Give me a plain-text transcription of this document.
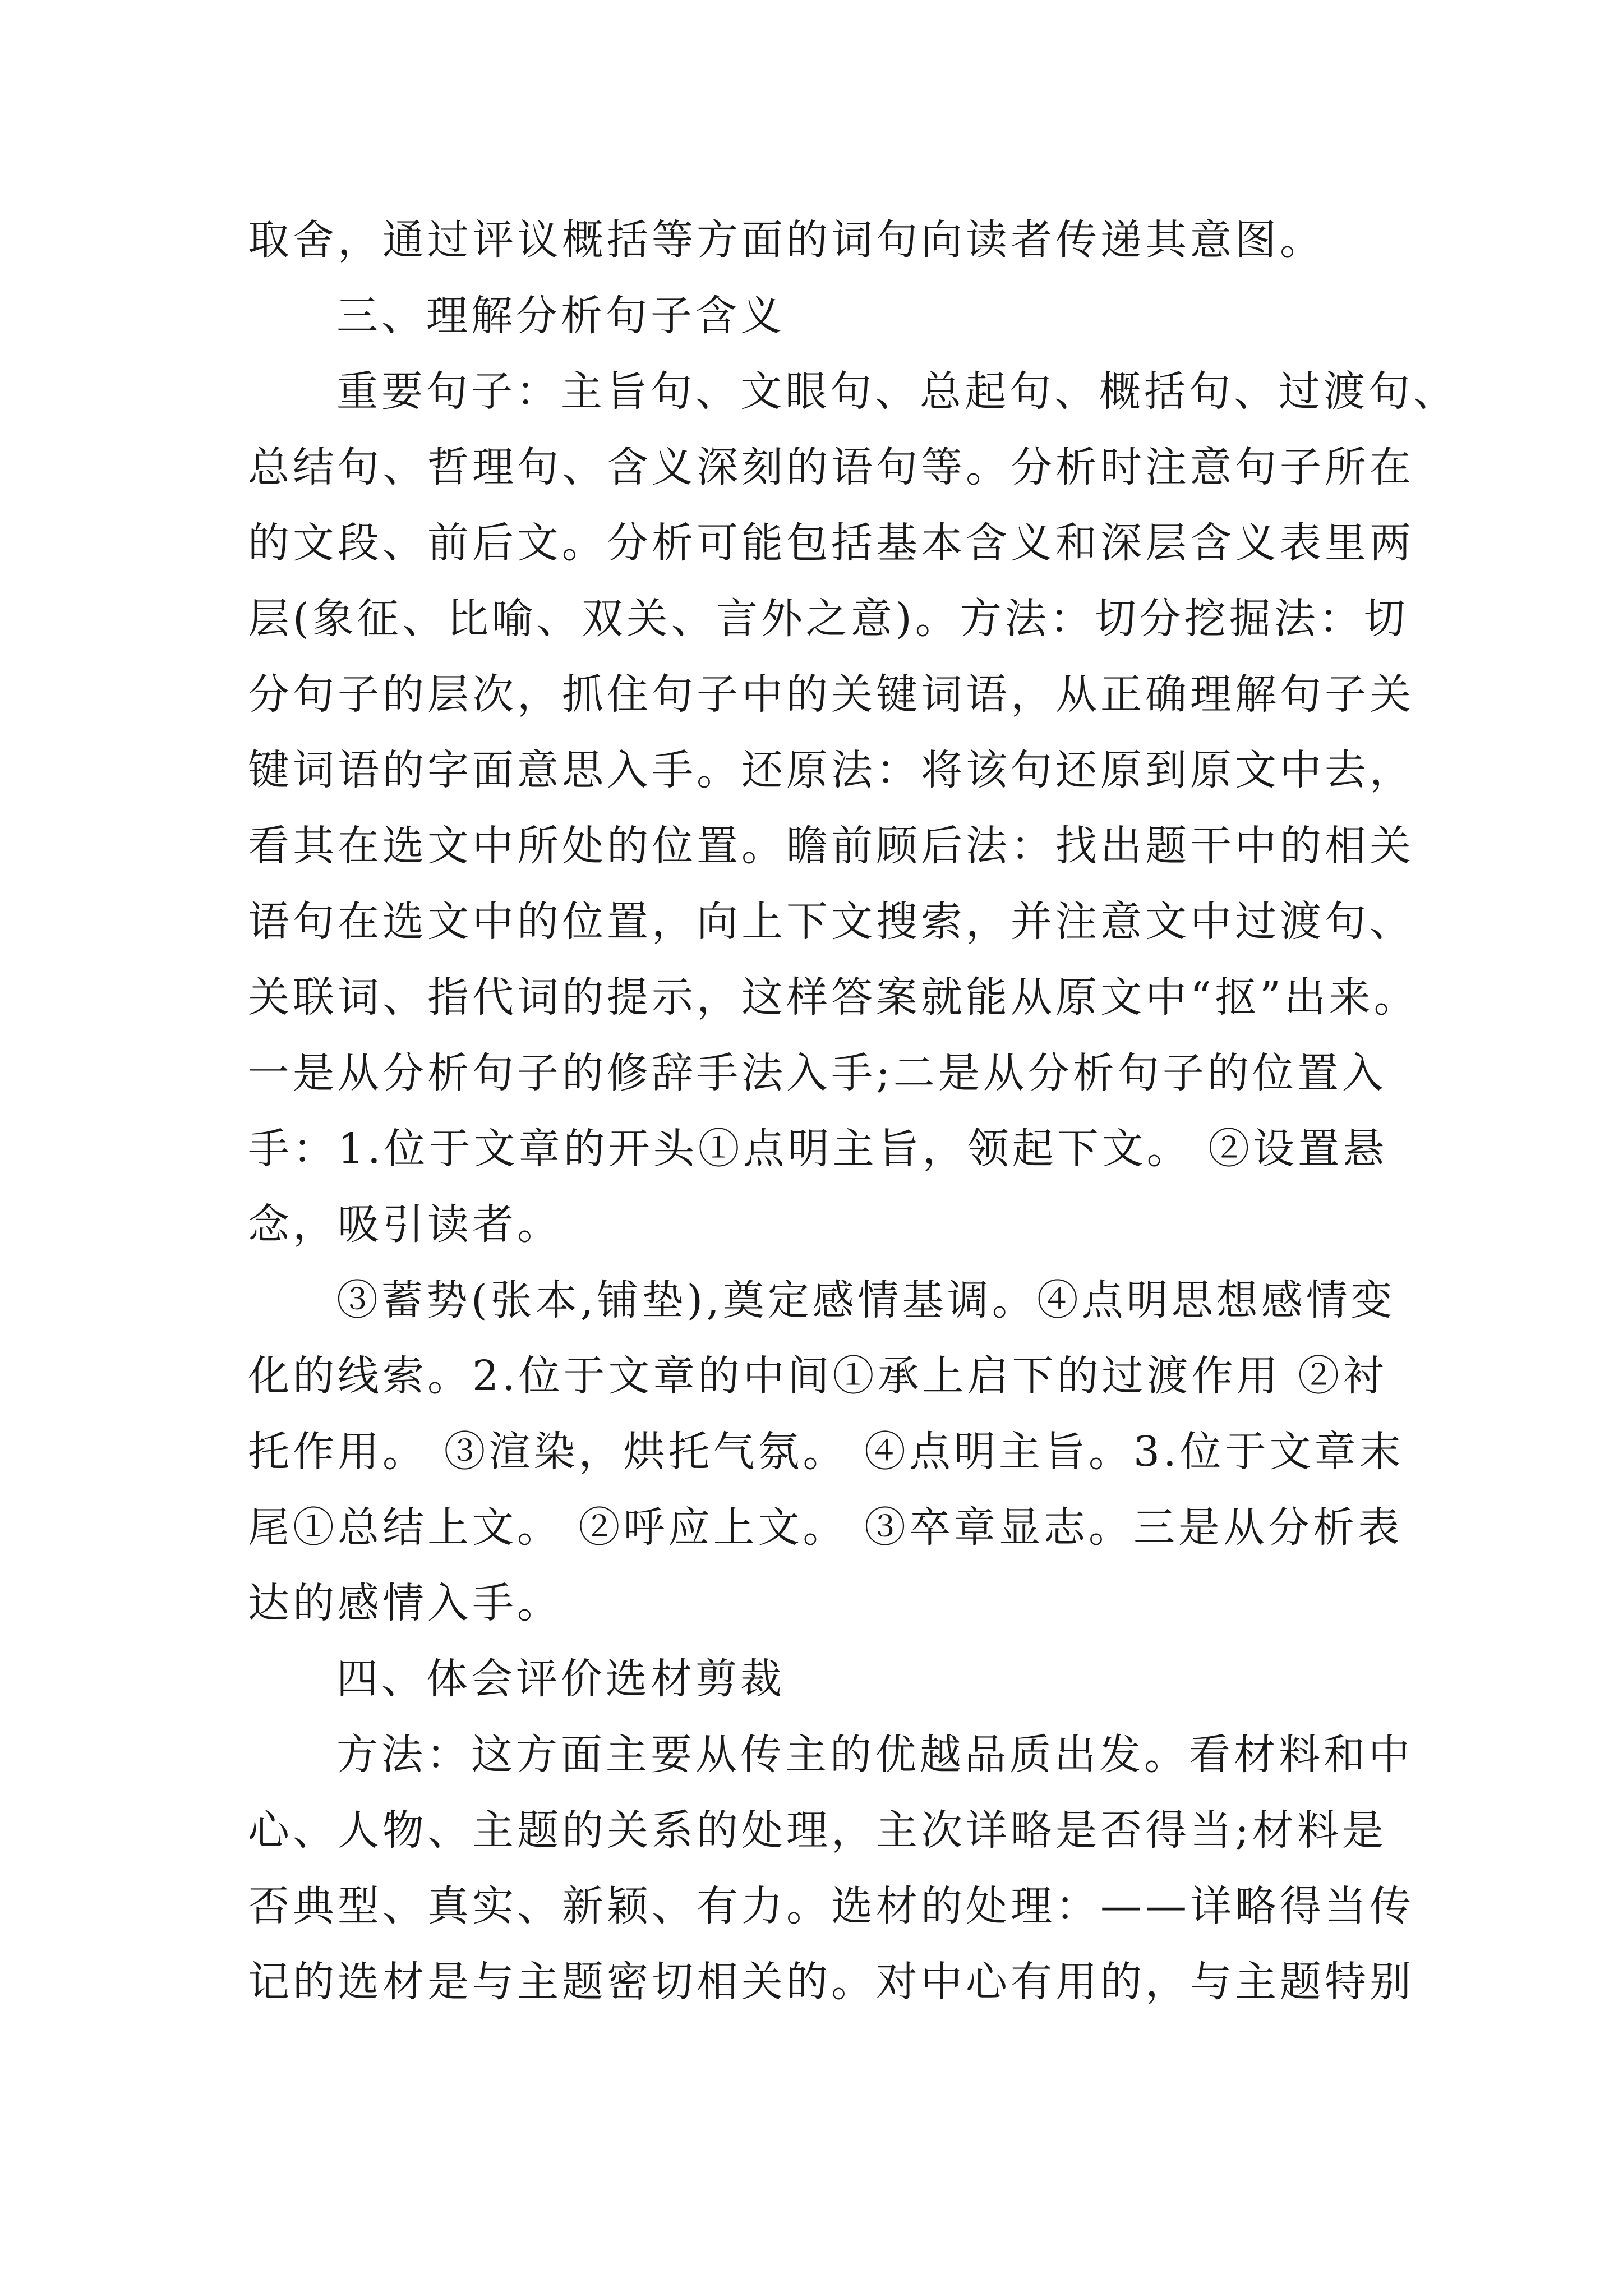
取舍，通过评议概括等方面的词句向读者传递其意图。
三、理解分析句子含义
重要句子：主旨句、文眼句、总起句、概括句、过渡句、
总结句、哲理句、含义深刻的语句等。分析时注意句子所在
的文段、前后文。分析可能包括基本含义和深层含义表里两
层(象征、比喻、双关、言外之意)。方法：切分挖掘法：切
分句子的层次，抓住句子中的关键词语，从正确理解句子关
键词语的字面意思入手。还原法：将该句还原到原文中去，
看其在选文中所处的位置。瞻前顾后法：找出题干中的相关
语句在选文中的位置，向上下文搜索，并注意文中过渡句、
关联词、指代词的提示，这样答案就能从原文中“抠”出来。
一是从分析句子的修辞手法入手;二是从分析句子的位置入
手：1.位于文章的开头①点明主旨，领起下文。 ②设置悬
念，吸引读者。
③蓄势(张本,铺垫),奠定感情基调。④点明思想感情变
化的线索。2.位于文章的中间①承上启下的过渡作用 ②衬
托作用。 ③渲染，烘托气氛。 ④点明主旨。3.位于文章末
尾①总结上文。 ②呼应上文。 ③卒章显志。三是从分析表
达的感情入手。
四、体会评价选材剪裁
方法：这方面主要从传主的优越品质出发。看材料和中
心、人物、主题的关系的处理，主次详略是否得当;材料是
否典型、真实、新颖、有力。选材的处理：——详略得当传
记的选材是与主题密切相关的。对中心有用的，与主题特别
